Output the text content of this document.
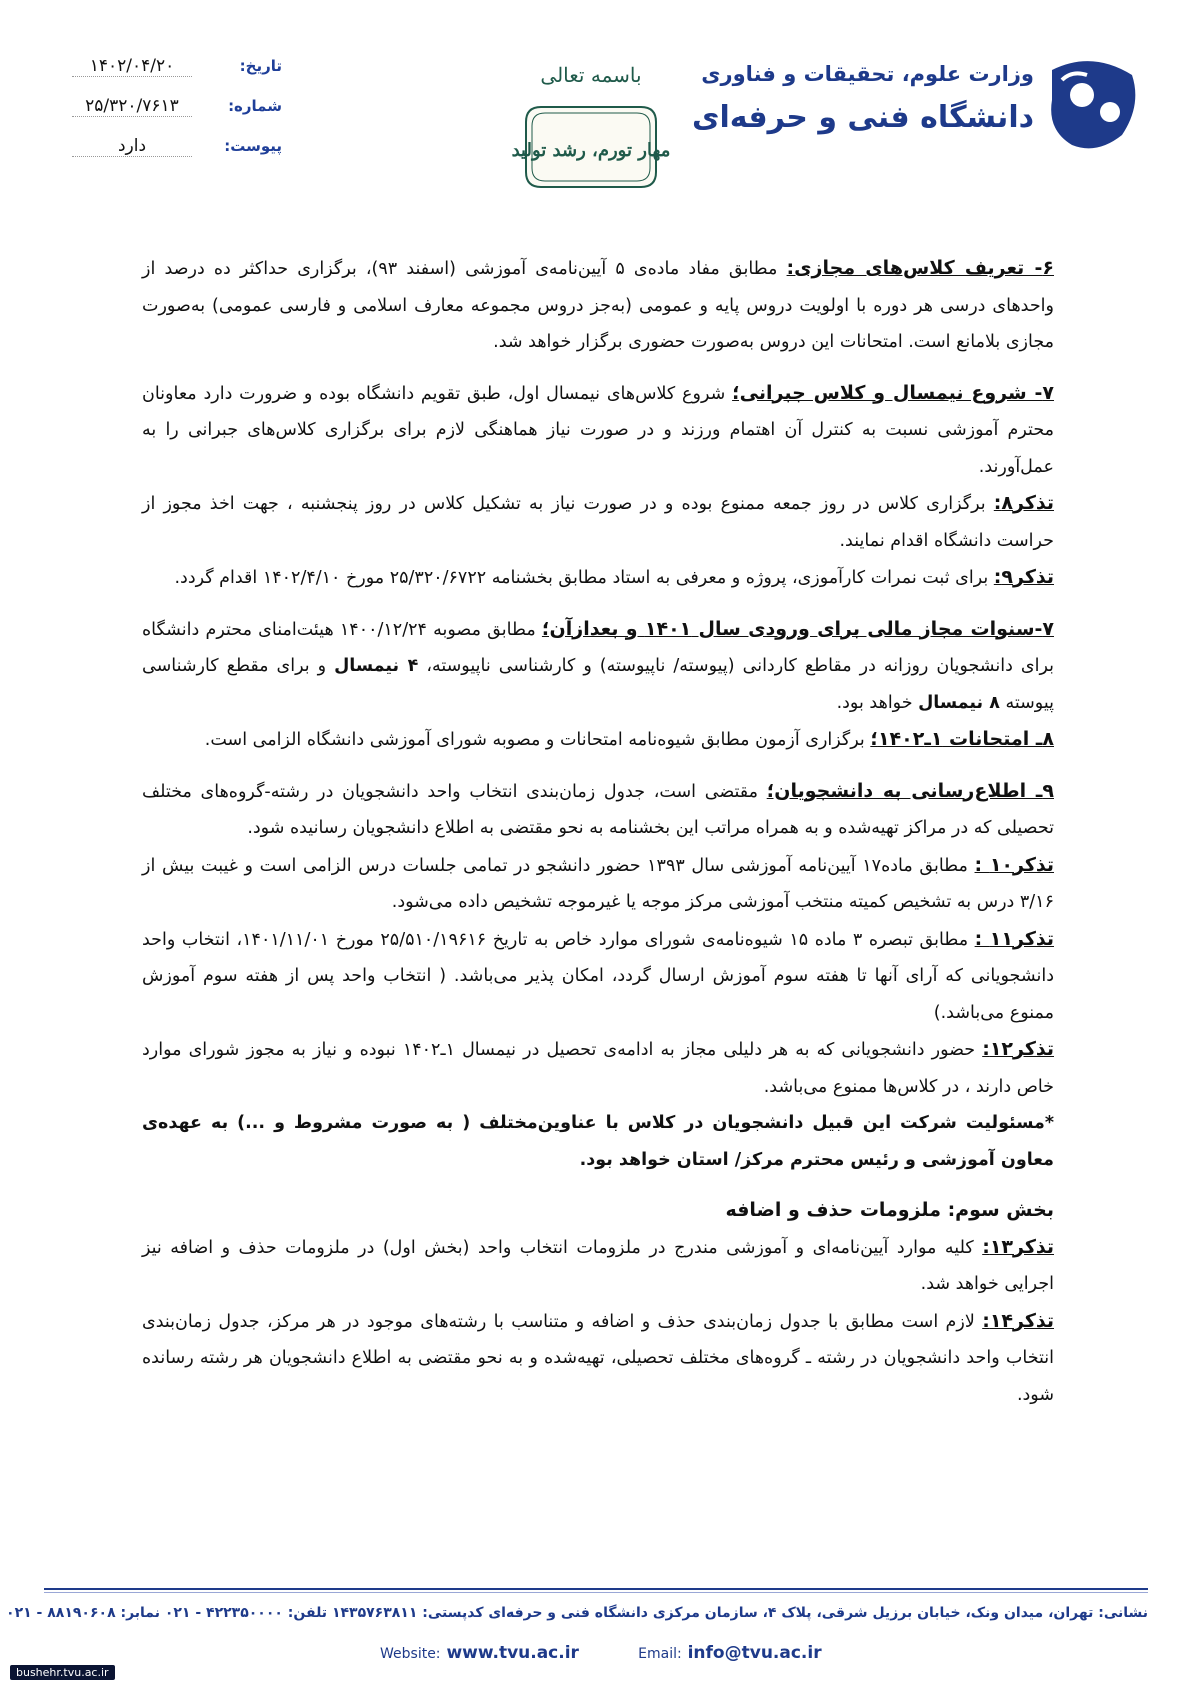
تاریخ:
۱۴۰۲/۰۴/۲۰
شماره:
۲۵/۳۲۰/۷۶۱۳
پیوست:
دارد
باسمه تعالی
مهار تورم، رشد تولید
وزارت علوم، تحقیقات و فناوری
دانشگاه فنی و حرفه‌ای

۶- تعریف کلاس‌های مجازی: مطابق مفاد ماده‌ی ۵ آیین‌نامه‌ی آموزشی (اسفند ۹۳)، برگزاری حداکثر ده درصد از واحدهای درسی هر دوره با اولویت دروس پایه و عمومی (به‌جز دروس مجموعه معارف اسلامی و فارسی عمومی) به‌صورت مجازی بلامانع است. امتحانات این دروس به‌صورت حضوری برگزار خواهد شد.

۷- شروع نیمسال و کلاس جبرانی؛ شروع کلاس‌های نیمسال اول، طبق تقویم دانشگاه بوده و ضرورت دارد معاونان محترم آموزشی نسبت به کنترل آن اهتمام ورزند و در صورت نیاز هماهنگی لازم برای برگزاری کلاس‌های جبرانی را به عمل‌آورند.

تذکر۸: برگزاری کلاس در روز جمعه ممنوع بوده و در صورت نیاز به تشکیل کلاس در روز پنجشنبه ، جهت اخذ مجوز از حراست دانشگاه اقدام نمایند.

تذکر۹: برای ثبت نمرات کارآموزی، پروژه و معرفی به استاد مطابق بخشنامه ۲۵/۳۲۰/۶۷۲۲ مورخ ۱۴۰۲/۴/۱۰ اقدام گردد.

۷-سنوات مجاز مالی برای ورودی سال ۱۴۰۱ و بعدازآن؛ مطابق مصوبه ۱۴۰۰/۱۲/۲۴ هیئت‌امنای محترم دانشگاه برای دانشجویان روزانه در مقاطع کاردانی (پیوسته/ ناپیوسته) و کارشناسی ناپیوسته، ۴ نیمسال و برای مقطع کارشناسی پیوسته ۸ نیمسال خواهد بود.

۸ـ امتحانات ۱ـ۱۴۰۲؛ برگزاری آزمون مطابق شیوه‌نامه امتحانات و مصوبه شورای آموزشی دانشگاه الزامی است.

۹ـ اطلاع‌رسانی به دانشجویان؛ مقتضی است، جدول زمان‌بندی انتخاب واحد دانشجویان در رشته-گروه‌های مختلف تحصیلی که در مراکز تهیه‌شده و به همراه مراتب این بخشنامه به نحو مقتضی به اطلاع دانشجویان رسانیده شود.

تذکر۱۰ : مطابق ماده۱۷ آیین‌نامه آموزشی سال ۱۳۹۳ حضور دانشجو در تمامی جلسات درس الزامی است و غیبت بیش از ۳/۱۶ درس به تشخیص کمیته منتخب آموزشی مرکز موجه یا غیرموجه تشخیص داده می‌شود.

تذکر۱۱ : مطابق تبصره ۳ ماده ۱۵ شیوه‌نامه‌ی شورای موارد خاص به تاریخ ۲۵/۵۱۰/۱۹۶۱۶ مورخ ۱۴۰۱/۱۱/۰۱، انتخاب واحد دانشجویانی که آرای آنها تا هفته سوم آموزش ارسال گردد، امکان پذیر می‌باشد. ( انتخاب واحد پس از هفته سوم آموزش ممنوع می‌باشد.)

تذکر۱۲: حضور دانشجویانی که به هر دلیلی مجاز به ادامه‌ی تحصیل در نیمسال ۱ـ۱۴۰۲ نبوده و نیاز به مجوز شورای موارد خاص دارند ، در کلاس‌ها ممنوع می‌باشد.

*مسئولیت شرکت این قبیل دانشجویان در کلاس با عناوین‌مختلف ( به صورت مشروط و ...) به عهده‌ی معاون آموزشی و رئیس محترم مرکز/ استان خواهد بود.

بخش سوم: ملزومات حذف و اضافه

تذکر۱۳: کلیه موارد آیین‌نامه‌ای و آموزشی مندرج در ملزومات انتخاب واحد (بخش اول) در ملزومات حذف و اضافه نیز اجرایی خواهد شد.

تذکر۱۴: لازم است مطابق با جدول زمان‌بندی حذف و اضافه و متناسب با رشته‌های موجود در هر مرکز، جدول زمان‌بندی انتخاب واحد دانشجویان در رشته ـ گروه‌های مختلف تحصیلی، تهیه‌شده و به نحو مقتضی به اطلاع دانشجویان هر رشته رسانده شود.

نشانی: تهران، میدان ونک، خیابان برزیل شرقی، پلاک ۴، سازمان مرکزی دانشگاه فنی و حرفه‌ای کدپستی: ۱۴۳۵۷۶۳۸۱۱ تلفن: ۴۲۲۳۵۰۰۰۰ - ۰۲۱ نمابر: ۸۸۱۹۰۶۰۸ - ۰۲۱
Website: www.tvu.ac.ir	Email: info@tvu.ac.ir
bushehr.tvu.ac.ir
